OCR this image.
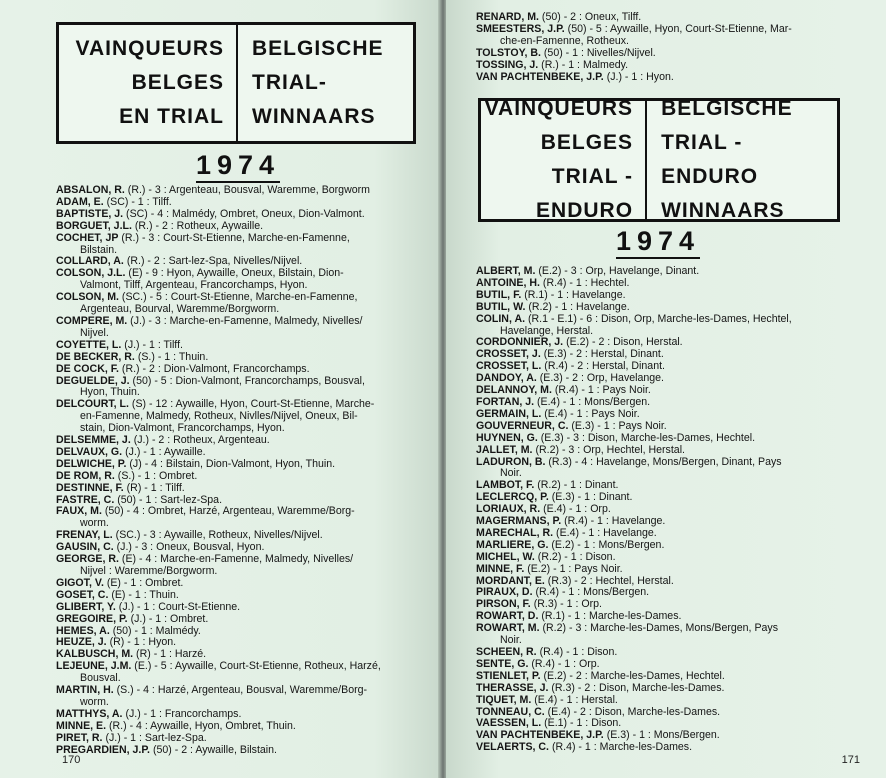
VAINQUEURS
BELGES
EN TRIAL
BELGISCHE
TRIAL-
WINNAARS
1974
ABSALON, R. (R.) - 3 : Argenteau, Bousval, Waremme, Borgworm
ADAM, E. (SC) - 1 : Tilff.
BAPTISTE, J. (SC) - 4 : Malmédy, Ombret, Oneux, Dion-Valmont.
BORGUET, J.L. (R.) - 2 : Rotheux, Aywaille.
COCHET, JP (R.) - 3 : Court-St-Etienne, Marche-en-Famenne,
Bilstain.
COLLARD, A. (R.) - 2 : Sart-lez-Spa, Nivelles/Nijvel.
COLSON, J.L. (E) - 9 : Hyon, Aywaille, Oneux, Bilstain, Dion-
Valmont, Tilff, Argenteau, Francorchamps, Hyon.
COLSON, M. (SC.) - 5 : Court-St-Etienne, Marche-en-Famenne,
Argenteau, Bourval, Waremme/Borgworm.
COMPERE, M. (J.) - 3 : Marche-en-Famenne, Malmedy, Nivelles/
Nijvel.
COYETTE, L. (J.) - 1 : Tilff.
DE BECKER, R. (S.) - 1 : Thuin.
DE COCK, F. (R.) - 2 : Dion-Valmont, Francorchamps.
DEGUELDE, J. (50) - 5 : Dion-Valmont, Francorchamps, Bousval,
Hyon, Thuin.
DELCOURT, L. (S) - 12 : Aywaille, Hyon, Court-St-Etienne, Marche-
en-Famenne, Malmedy, Rotheux, Nivlles/Nijvel, Oneux, Bil-
stain, Dion-Valmont, Francorchamps, Hyon.
DELSEMME, J. (J.) - 2 : Rotheux, Argenteau.
DELVAUX, G. (J.) - 1 : Aywaille.
DELWICHE, P. (J) - 4 : Bilstain, Dion-Valmont, Hyon, Thuin.
DE ROM, R. (S.) - 1 : Ombret.
DESTINNE, F. (R) - 1 : Tilff.
FASTRE, C. (50) - 1 : Sart-lez-Spa.
FAUX, M. (50) - 4 : Ombret, Harzé, Argenteau, Waremme/Borg-
worm.
FRENAY, L. (SC.) - 3 : Aywaille, Rotheux, Nivelles/Nijvel.
GAUSIN, C. (J.) - 3 : Oneux, Bousval, Hyon.
GEORGE, R. (E) - 4 : Marche-en-Famenne, Malmedy, Nivelles/
Nijvel : Waremme/Borgworm.
GIGOT, V. (E) - 1 : Ombret.
GOSET, C. (E) - 1 : Thuin.
GLIBERT, Y. (J.) - 1 : Court-St-Etienne.
GREGOIRE, P. (J.) - 1 : Ombret.
HEMES, A. (50) - 1 : Malmédy.
HEUZE, J. (R) - 1 : Hyon.
KALBUSCH, M. (R) - 1 : Harzé.
LEJEUNE, J.M. (E.) - 5 : Aywaille, Court-St-Etienne, Rotheux, Harzé,
Bousval.
MARTIN, H. (S.) - 4 : Harzé, Argenteau, Bousval, Waremme/Borg-
worm.
MATTHYS, A. (J.) - 1 : Francorchamps.
MINNE, E. (R.) - 4 : Aywaille, Hyon, Ombret, Thuin.
PIRET, R. (J.) - 1 : Sart-lez-Spa.
PREGARDIEN, J.P. (50) - 2 : Aywaille, Bilstain.
170
RENARD, M. (50) - 2 : Oneux, Tilff.
SMEESTERS, J.P. (50) - 5 : Aywaille, Hyon, Court-St-Etienne, Mar-
che-en-Famenne, Rotheux.
TOLSTOY, B. (50) - 1 : Nivelles/Nijvel.
TOSSING, J. (R.) - 1 : Malmedy.
VAN PACHTENBEKE, J.P. (J.) - 1 : Hyon.
VAINQUEURS
BELGES
TRIAL - ENDURO
BELGISCHE
TRIAL - ENDURO
WINNAARS
1974
ALBERT, M. (E.2) - 3 : Orp, Havelange, Dinant.
ANTOINE, H. (R.4) - 1 : Hechtel.
BUTIL, F. (R.1) - 1 : Havelange.
BUTIL, W. (R.2) - 1 : Havelange.
COLIN, A. (R.1 - E.1) - 6 : Dison, Orp, Marche-les-Dames, Hechtel,
Havelange, Herstal.
CORDONNIER, J. (E.2) - 2 : Dison, Herstal.
CROSSET, J. (E.3) - 2 : Herstal, Dinant.
CROSSET, L. (R.4) - 2 : Herstal, Dinant.
DANDOY, A. (E.3) - 2 : Orp, Havelange.
DELANNOY, M. (R.4) - 1 : Pays Noir.
FORTAN, J. (E.4) - 1 : Mons/Bergen.
GERMAIN, L. (E.4) - 1 : Pays Noir.
GOUVERNEUR, C. (E.3) - 1 : Pays Noir.
HUYNEN, G. (E.3) - 3 : Dison, Marche-les-Dames, Hechtel.
JALLET, M. (R.2) - 3 : Orp, Hechtel, Herstal.
LADURON, B. (R.3) - 4 : Havelange, Mons/Bergen, Dinant, Pays
Noir.
LAMBOT, F. (R.2) - 1 : Dinant.
LECLERCQ, P. (E.3) - 1 : Dinant.
LORIAUX, R. (E.4) - 1 : Orp.
MAGERMANS, P. (R.4) - 1 : Havelange.
MARECHAL, R. (E.4) - 1 : Havelange.
MARLIERE, G. (E.2) - 1 : Mons/Bergen.
MICHEL, W. (R.2) - 1 : Dison.
MINNE, F. (E.2) - 1 : Pays Noir.
MORDANT, E. (R.3) - 2 : Hechtel, Herstal.
PIRAUX, D. (R.4) - 1 : Mons/Bergen.
PIRSON, F. (R.3) - 1 : Orp.
ROWART, D. (R.1) - 1 : Marche-les-Dames.
ROWART, M. (R.2) - 3 : Marche-les-Dames, Mons/Bergen, Pays
Noir.
SCHEEN, R. (R.4) - 1 : Dison.
SENTE, G. (R.4) - 1 : Orp.
STIENLET, P. (E.2) - 2 : Marche-les-Dames, Hechtel.
THERASSE, J. (R.3) - 2 : Dison, Marche-les-Dames.
TIQUET, M. (E.4) - 1 : Herstal.
TONNEAU, C. (E.4) - 2 : Dison, Marche-les-Dames.
VAESSEN, L. (E.1) - 1 : Dison.
VAN PACHTENBEKE, J.P. (E.3) - 1 : Mons/Bergen.
VELAERTS, C. (R.4) - 1 : Marche-les-Dames.
171
